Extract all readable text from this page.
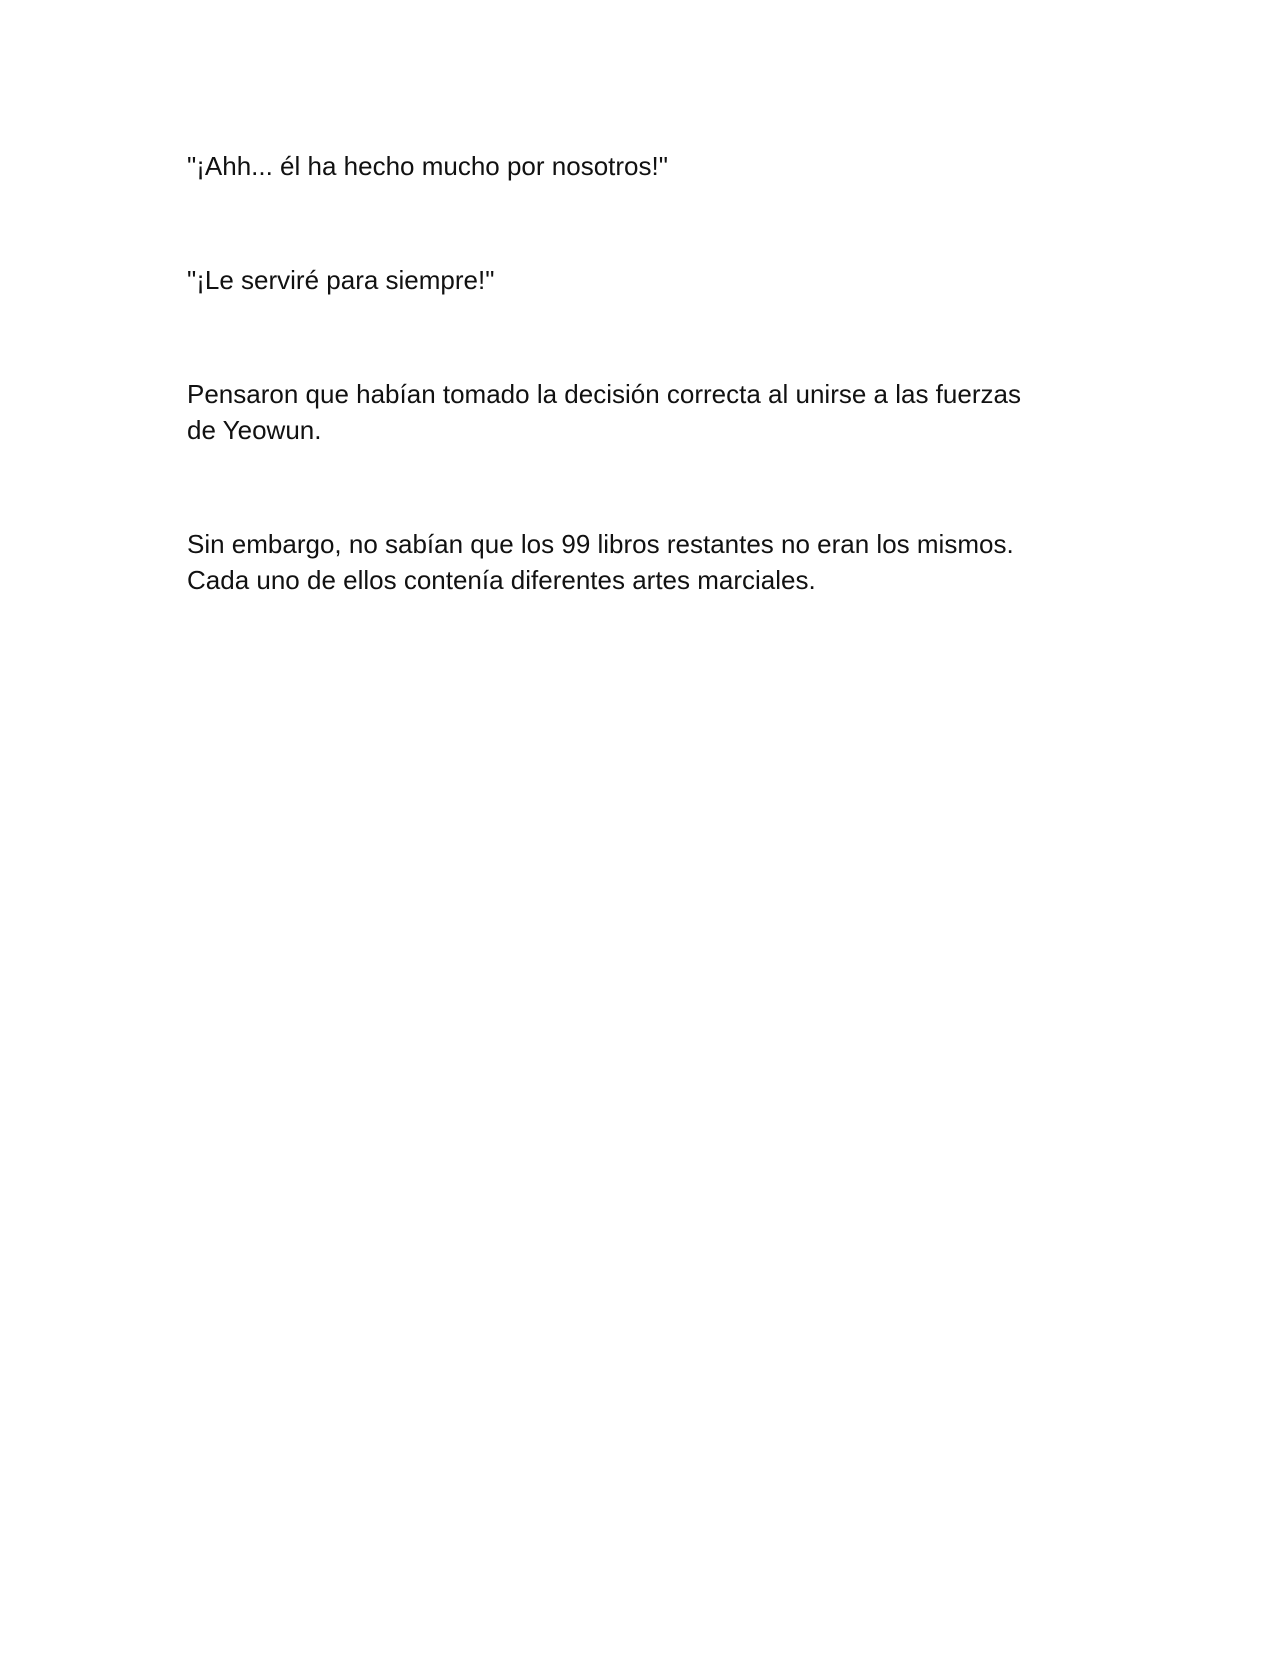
"¡Ahh... él ha hecho mucho por nosotros!"

"¡Le serviré para siempre!"

Pensaron que habían tomado la decisión correcta al unirse a las fuerzas
de Yeowun.

Sin embargo, no sabían que los 99 libros restantes no eran los mismos.
Cada uno de ellos contenía diferentes artes marciales.
